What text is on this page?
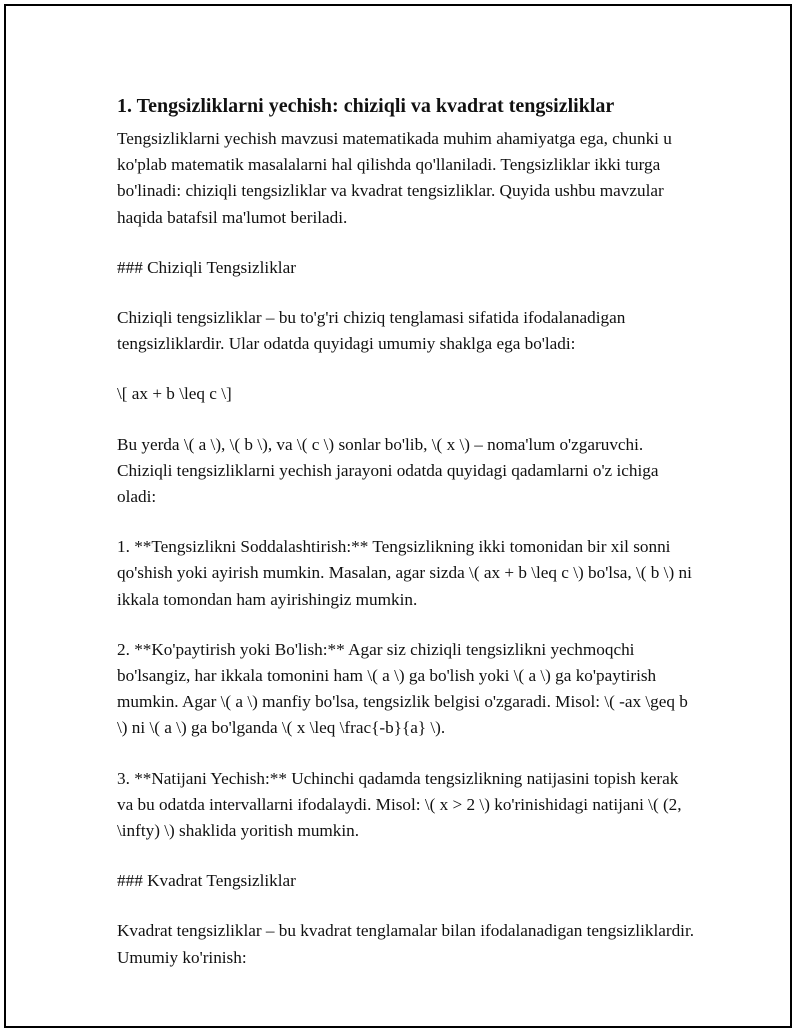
1. Tengsizliklarni yechish: chiziqli va kvadrat tengsizliklar

Tengsizliklarni yechish mavzusi matematikada muhim ahamiyatga ega, chunki u ko'plab matematik masalalarni hal qilishda qo'llaniladi. Tengsizliklar ikki turga bo'linadi: chiziqli tengsizliklar va kvadrat tengsizliklar. Quyida ushbu mavzular haqida batafsil ma'lumot beriladi.

### Chiziqli Tengsizliklar

Chiziqli tengsizliklar – bu to'g'ri chiziq tenglamasi sifatida ifodalanadigan tengsizliklardir. Ular odatda quyidagi umumiy shaklga ega bo'ladi:

\[ ax + b \leq c \]

Bu yerda \( a \), \( b \), va \( c \) sonlar bo'lib, \( x \) – noma'lum o'zgaruvchi. Chiziqli tengsizliklarni yechish jarayoni odatda quyidagi qadamlarni o'z ichiga oladi:

1. **Tengsizlikni Soddalashtirish:** Tengsizlikning ikki tomonidan bir xil sonni qo'shish yoki ayirish mumkin. Masalan, agar sizda \( ax + b \leq c \) bo'lsa, \( b \) ni ikkala tomondan ham ayirishingiz mumkin.

2. **Ko'paytirish yoki Bo'lish:** Agar siz chiziqli tengsizlikni yechmoqchi bo'lsangiz, har ikkala tomonini ham \( a \) ga bo'lish yoki \( a \) ga ko'paytirish mumkin. Agar \( a \) manfiy bo'lsa, tengsizlik belgisi o'zgaradi. Misol: \( -ax \geq b \) ni \( a \) ga bo'lganda \( x \leq \frac{-b}{a} \).

3. **Natijani Yechish:** Uchinchi qadamda tengsizlikning natijasini topish kerak va bu odatda intervallarni ifodalaydi. Misol: \( x > 2 \) ko'rinishidagi natijani \( (2, \infty) \) shaklida yoritish mumkin.

### Kvadrat Tengsizliklar

Kvadrat tengsizliklar – bu kvadrat tenglamalar bilan ifodalanadigan tengsizliklardir. Umumiy ko'rinish:
